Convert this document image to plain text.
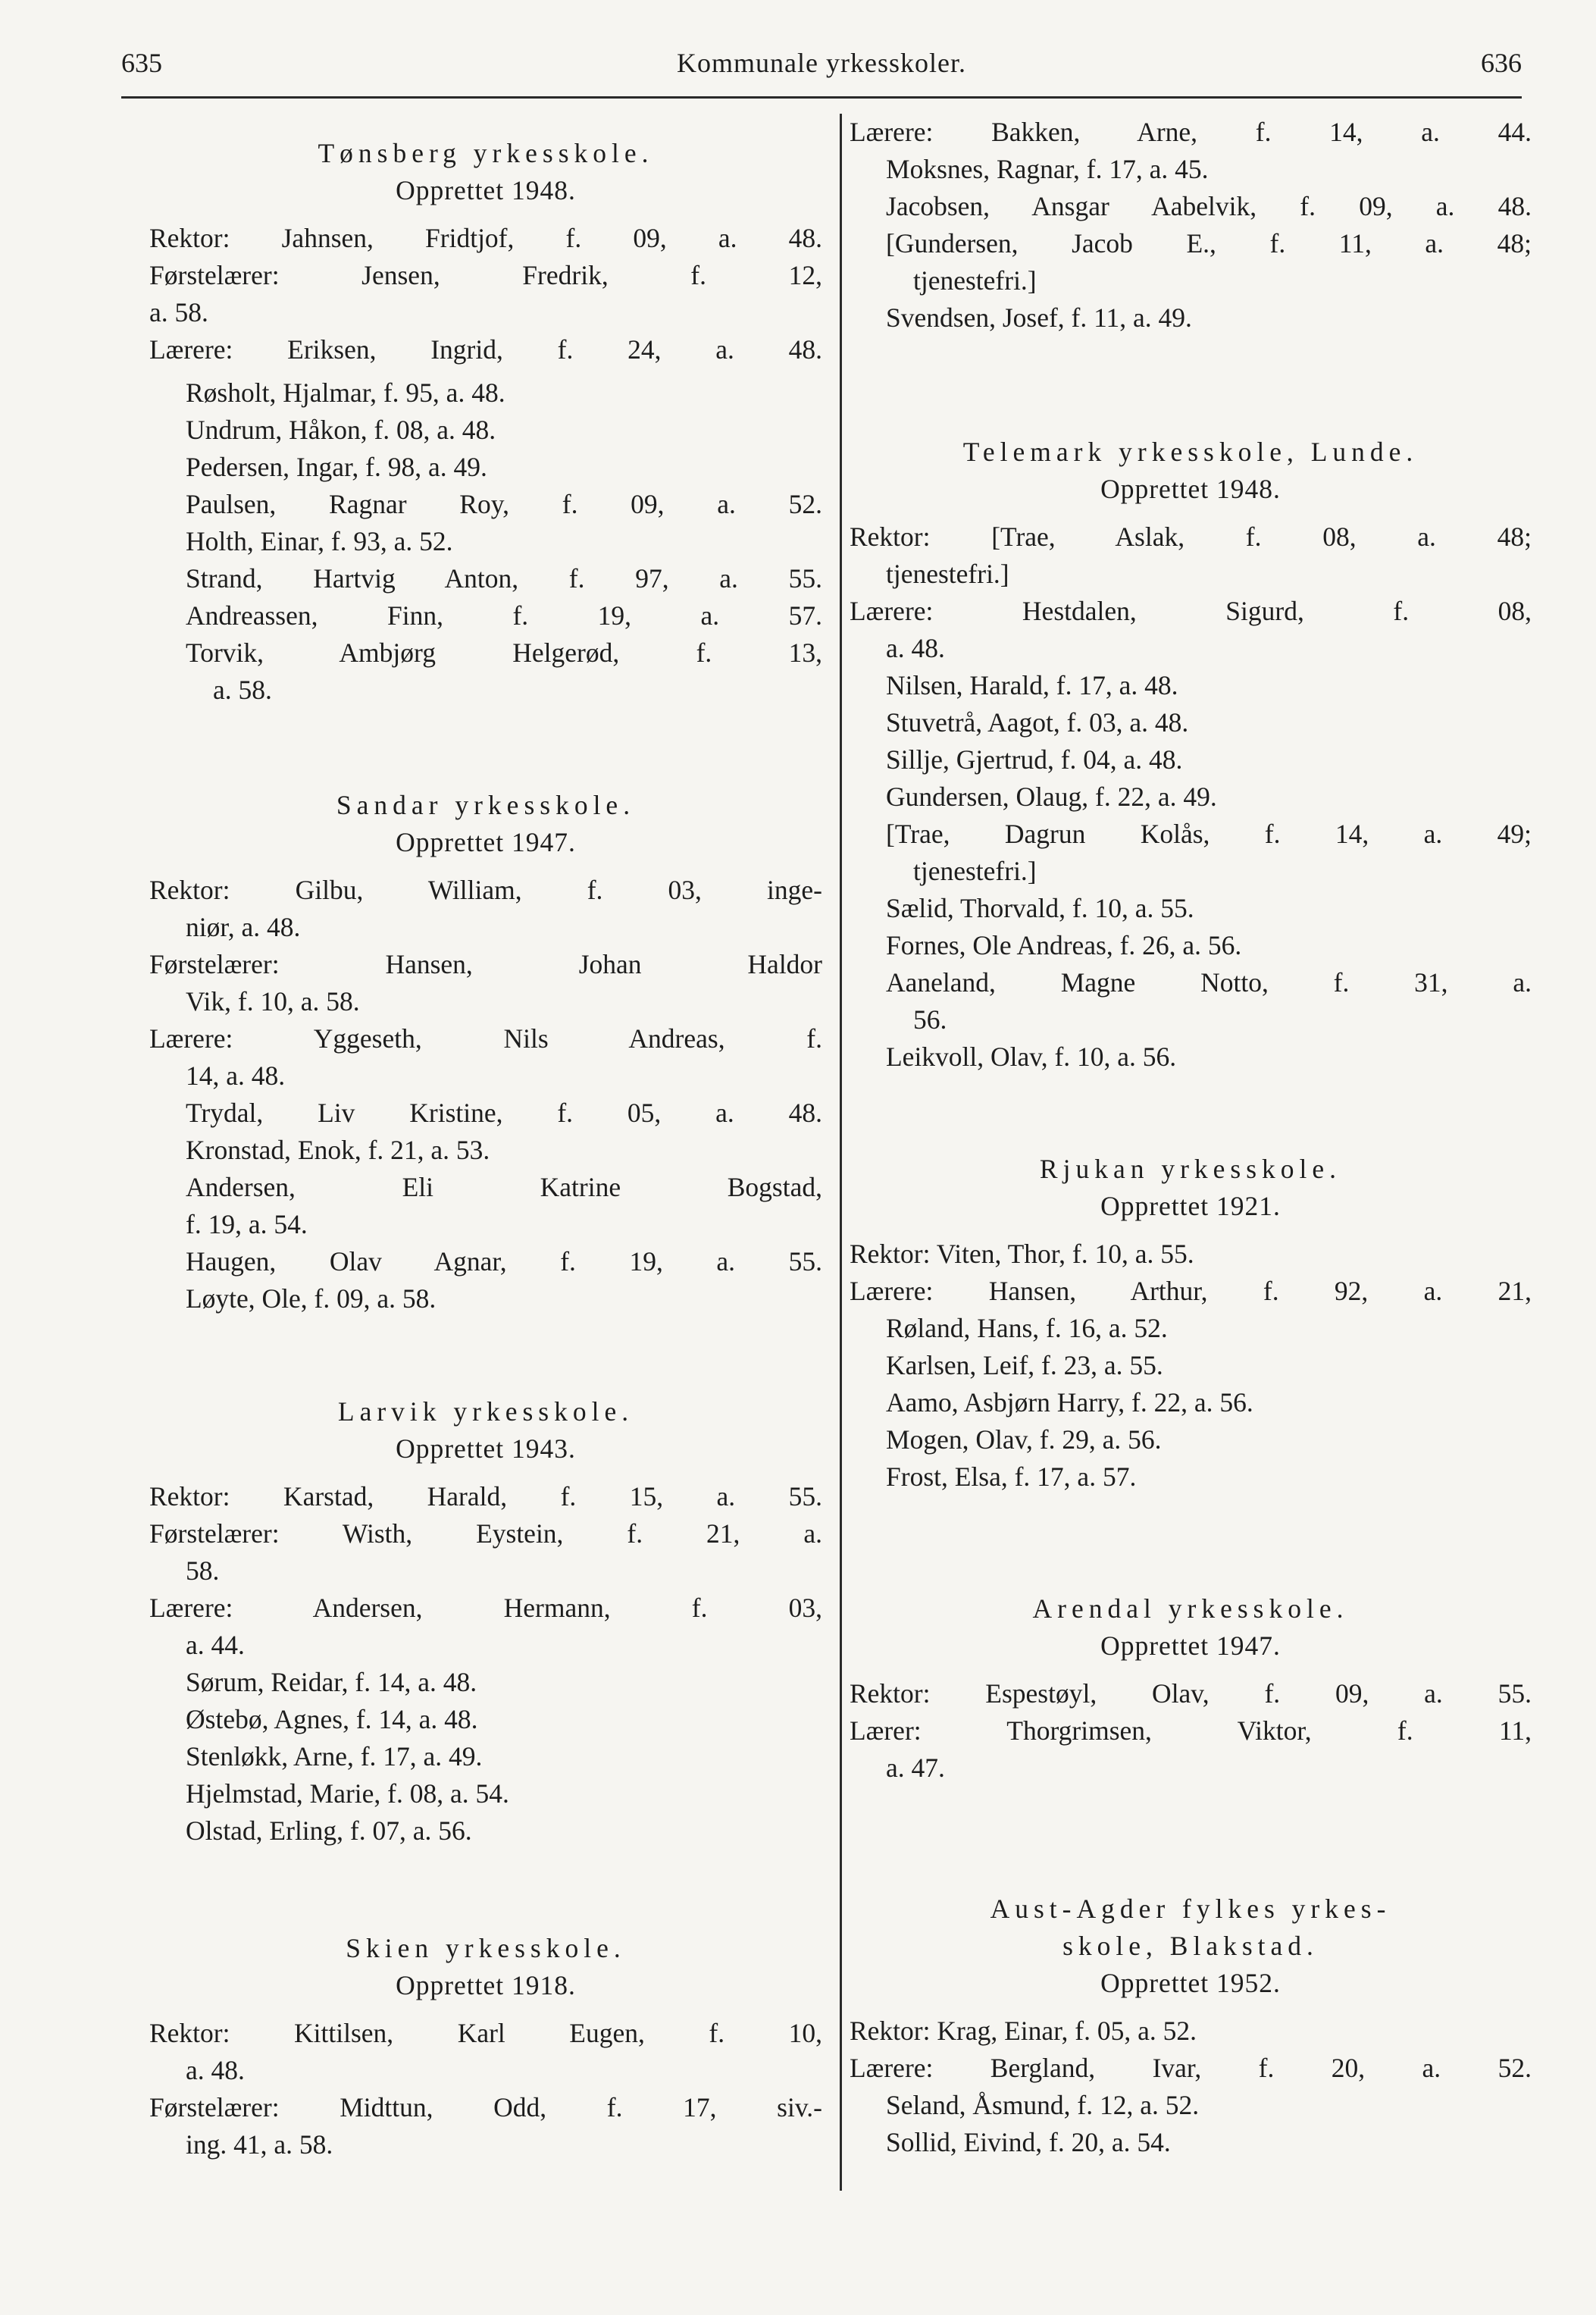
635	Kommunale yrkesskoler.	636
Tønsberg yrkesskole.
Opprettet 1948.
Rektor: Jahnsen, Fridtjof, f. 09, a. 48.
Førstelærer: Jensen, Fredrik, f. 12,
a. 58.
Lærere: Eriksen, Ingrid, f. 24, a. 48.
Røsholt, Hjalmar, f. 95, a. 48.
Undrum, Håkon, f. 08, a. 48.
Pedersen, Ingar, f. 98, a. 49.
Paulsen, Ragnar Roy, f. 09, a. 52.
Holth, Einar, f. 93, a. 52.
Strand, Hartvig Anton, f. 97, a. 55.
Andreassen, Finn, f. 19, a. 57.
Torvik, Ambjørg Helgerød, f. 13,
a. 58.
Sandar yrkesskole.
Opprettet 1947.
Rektor: Gilbu, William, f. 03, inge-
niør, a. 48.
Førstelærer: Hansen, Johan Haldor
Vik, f. 10, a. 58.
Lærere: Yggeseth, Nils Andreas, f.
14, a. 48.
Trydal, Liv Kristine, f. 05, a. 48.
Kronstad, Enok, f. 21, a. 53.
Andersen, Eli Katrine Bogstad,
f. 19, a. 54.
Haugen, Olav Agnar, f. 19, a. 55.
Løyte, Ole, f. 09, a. 58.
Larvik yrkesskole.
Opprettet 1943.
Rektor: Karstad, Harald, f. 15, a. 55.
Førstelærer: Wisth, Eystein, f. 21, a.
58.
Lærere: Andersen, Hermann, f. 03,
a. 44.
Sørum, Reidar, f. 14, a. 48.
Østebø, Agnes, f. 14, a. 48.
Stenløkk, Arne, f. 17, a. 49.
Hjelmstad, Marie, f. 08, a. 54.
Olstad, Erling, f. 07, a. 56.
Skien yrkesskole.
Opprettet 1918.
Rektor: Kittilsen, Karl Eugen, f. 10,
a. 48.
Førstelærer: Midttun, Odd, f. 17, siv.-
ing. 41, a. 58.
Lærere: Bakken, Arne, f. 14, a. 44.
Moksnes, Ragnar, f. 17, a. 45.
Jacobsen, Ansgar Aabelvik, f. 09, a. 48.
[Gundersen, Jacob E., f. 11, a. 48;
tjenestefri.]
Svendsen, Josef, f. 11, a. 49.
Telemark yrkesskole, Lunde.
Opprettet 1948.
Rektor: [Trae, Aslak, f. 08, a. 48;
tjenestefri.]
Lærere: Hestdalen, Sigurd, f. 08,
a. 48.
Nilsen, Harald, f. 17, a. 48.
Stuvetrå, Aagot, f. 03, a. 48.
Sillje, Gjertrud, f. 04, a. 48.
Gundersen, Olaug, f. 22, a. 49.
[Trae, Dagrun Kolås, f. 14, a. 49;
tjenestefri.]
Sælid, Thorvald, f. 10, a. 55.
Fornes, Ole Andreas, f. 26, a. 56.
Aaneland, Magne Notto, f. 31, a.
56.
Leikvoll, Olav, f. 10, a. 56.
Rjukan yrkesskole.
Opprettet 1921.
Rektor: Viten, Thor, f. 10, a. 55.
Lærere: Hansen, Arthur, f. 92, a. 21,
Røland, Hans, f. 16, a. 52.
Karlsen, Leif, f. 23, a. 55.
Aamo, Asbjørn Harry, f. 22, a. 56.
Mogen, Olav, f. 29, a. 56.
Frost, Elsa, f. 17, a. 57.
Arendal yrkesskole.
Opprettet 1947.
Rektor: Espestøyl, Olav, f. 09, a. 55.
Lærer: Thorgrimsen, Viktor, f. 11,
a. 47.
Aust-Agder fylkes yrkes-
skole, Blakstad.
Opprettet 1952.
Rektor: Krag, Einar, f. 05, a. 52.
Lærere: Bergland, Ivar, f. 20, a. 52.
Seland, Åsmund, f. 12, a. 52.
Sollid, Eivind, f. 20, a. 54.
